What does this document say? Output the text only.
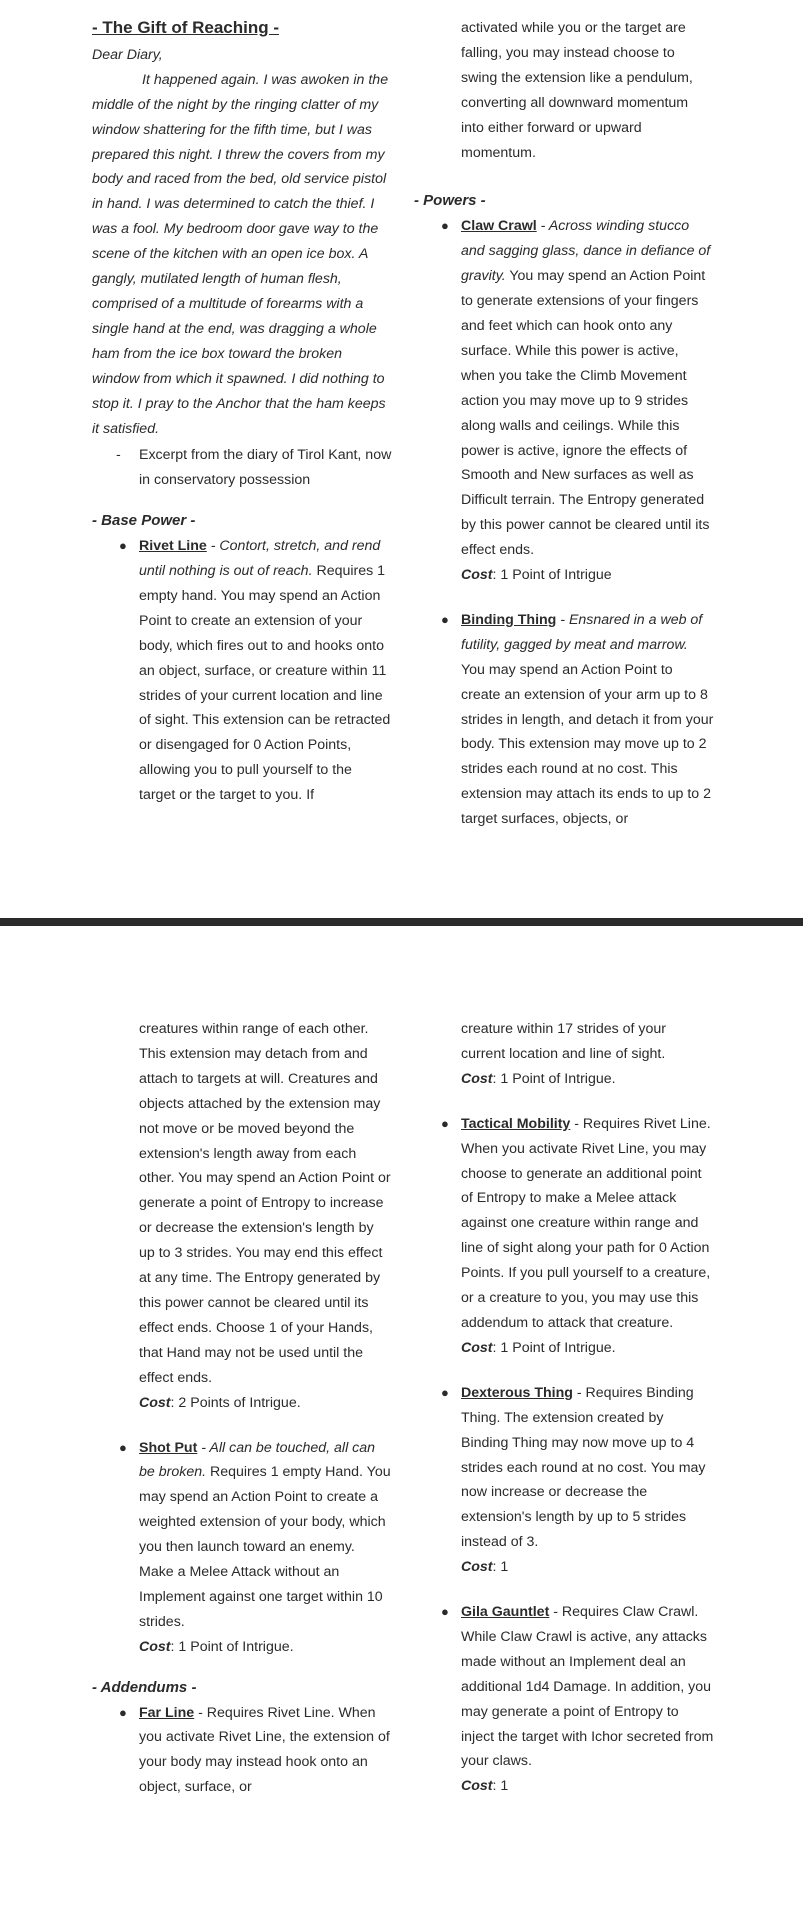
- The Gift of Reaching -
Dear Diary,
It happened again. I was awoken in the middle of the night by the ringing clatter of my window shattering for the fifth time, but I was prepared this night. I threw the covers from my body and raced from the bed, old service pistol in hand. I was determined to catch the thief. I was a fool. My bedroom door gave way to the scene of the kitchen with an open ice box. A gangly, mutilated length of human flesh, comprised of a multitude of forearms with a single hand at the end, was dragging a whole ham from the ice box toward the broken window from which it spawned. I did nothing to stop it. I pray to the Anchor that the ham keeps it satisfied.
- Excerpt from the diary of Tirol Kant, now in conservatory possession
- Base Power -
● Rivet Line - Contort, stretch, and rend until nothing is out of reach. Requires 1 empty hand. You may spend an Action Point to create an extension of your body, which fires out to and hooks onto an object, surface, or creature within 11 strides of your current location and line of sight. This extension can be retracted or disengaged for 0 Action Points, allowing you to pull yourself to the target or the target to you. If
activated while you or the target are falling, you may instead choose to swing the extension like a pendulum, converting all downward momentum into either forward or upward momentum.
- Powers -
● Claw Crawl - Across winding stucco and sagging glass, dance in defiance of gravity. You may spend an Action Point to generate extensions of your fingers and feet which can hook onto any surface. While this power is active, when you take the Climb Movement action you may move up to 9 strides along walls and ceilings. While this power is active, ignore the effects of Smooth and New surfaces as well as Difficult terrain. The Entropy generated by this power cannot be cleared until its effect ends.
Cost: 1 Point of Intrigue
● Binding Thing - Ensnared in a web of futility, gagged by meat and marrow. You may spend an Action Point to create an extension of your arm up to 8 strides in length, and detach it from your body. This extension may move up to 2 strides each round at no cost. This extension may attach its ends to up to 2 target surfaces, objects, or
creatures within range of each other. This extension may detach from and attach to targets at will. Creatures and objects attached by the extension may not move or be moved beyond the extension's length away from each other. You may spend an Action Point or generate a point of Entropy to increase or decrease the extension's length by up to 3 strides. You may end this effect at any time. The Entropy generated by this power cannot be cleared until its effect ends. Choose 1 of your Hands, that Hand may not be used until the effect ends.
Cost: 2 Points of Intrigue.
● Shot Put - All can be touched, all can be broken. Requires 1 empty Hand. You may spend an Action Point to create a weighted extension of your body, which you then launch toward an enemy. Make a Melee Attack without an Implement against one target within 10 strides.
Cost: 1 Point of Intrigue.
- Addendums -
● Far Line - Requires Rivet Line. When you activate Rivet Line, the extension of your body may instead hook onto an object, surface, or
creature within 17 strides of your current location and line of sight.
Cost: 1 Point of Intrigue.
● Tactical Mobility - Requires Rivet Line. When you activate Rivet Line, you may choose to generate an additional point of Entropy to make a Melee attack against one creature within range and line of sight along your path for 0 Action Points. If you pull yourself to a creature, or a creature to you, you may use this addendum to attack that creature.
Cost: 1 Point of Intrigue.
● Dexterous Thing - Requires Binding Thing. The extension created by Binding Thing may now move up to 4 strides each round at no cost. You may now increase or decrease the extension's length by up to 5 strides instead of 3.
Cost: 1
● Gila Gauntlet - Requires Claw Crawl. While Claw Crawl is active, any attacks made without an Implement deal an additional 1d4 Damage. In addition, you may generate a point of Entropy to inject the target with Ichor secreted from your claws.
Cost: 1
